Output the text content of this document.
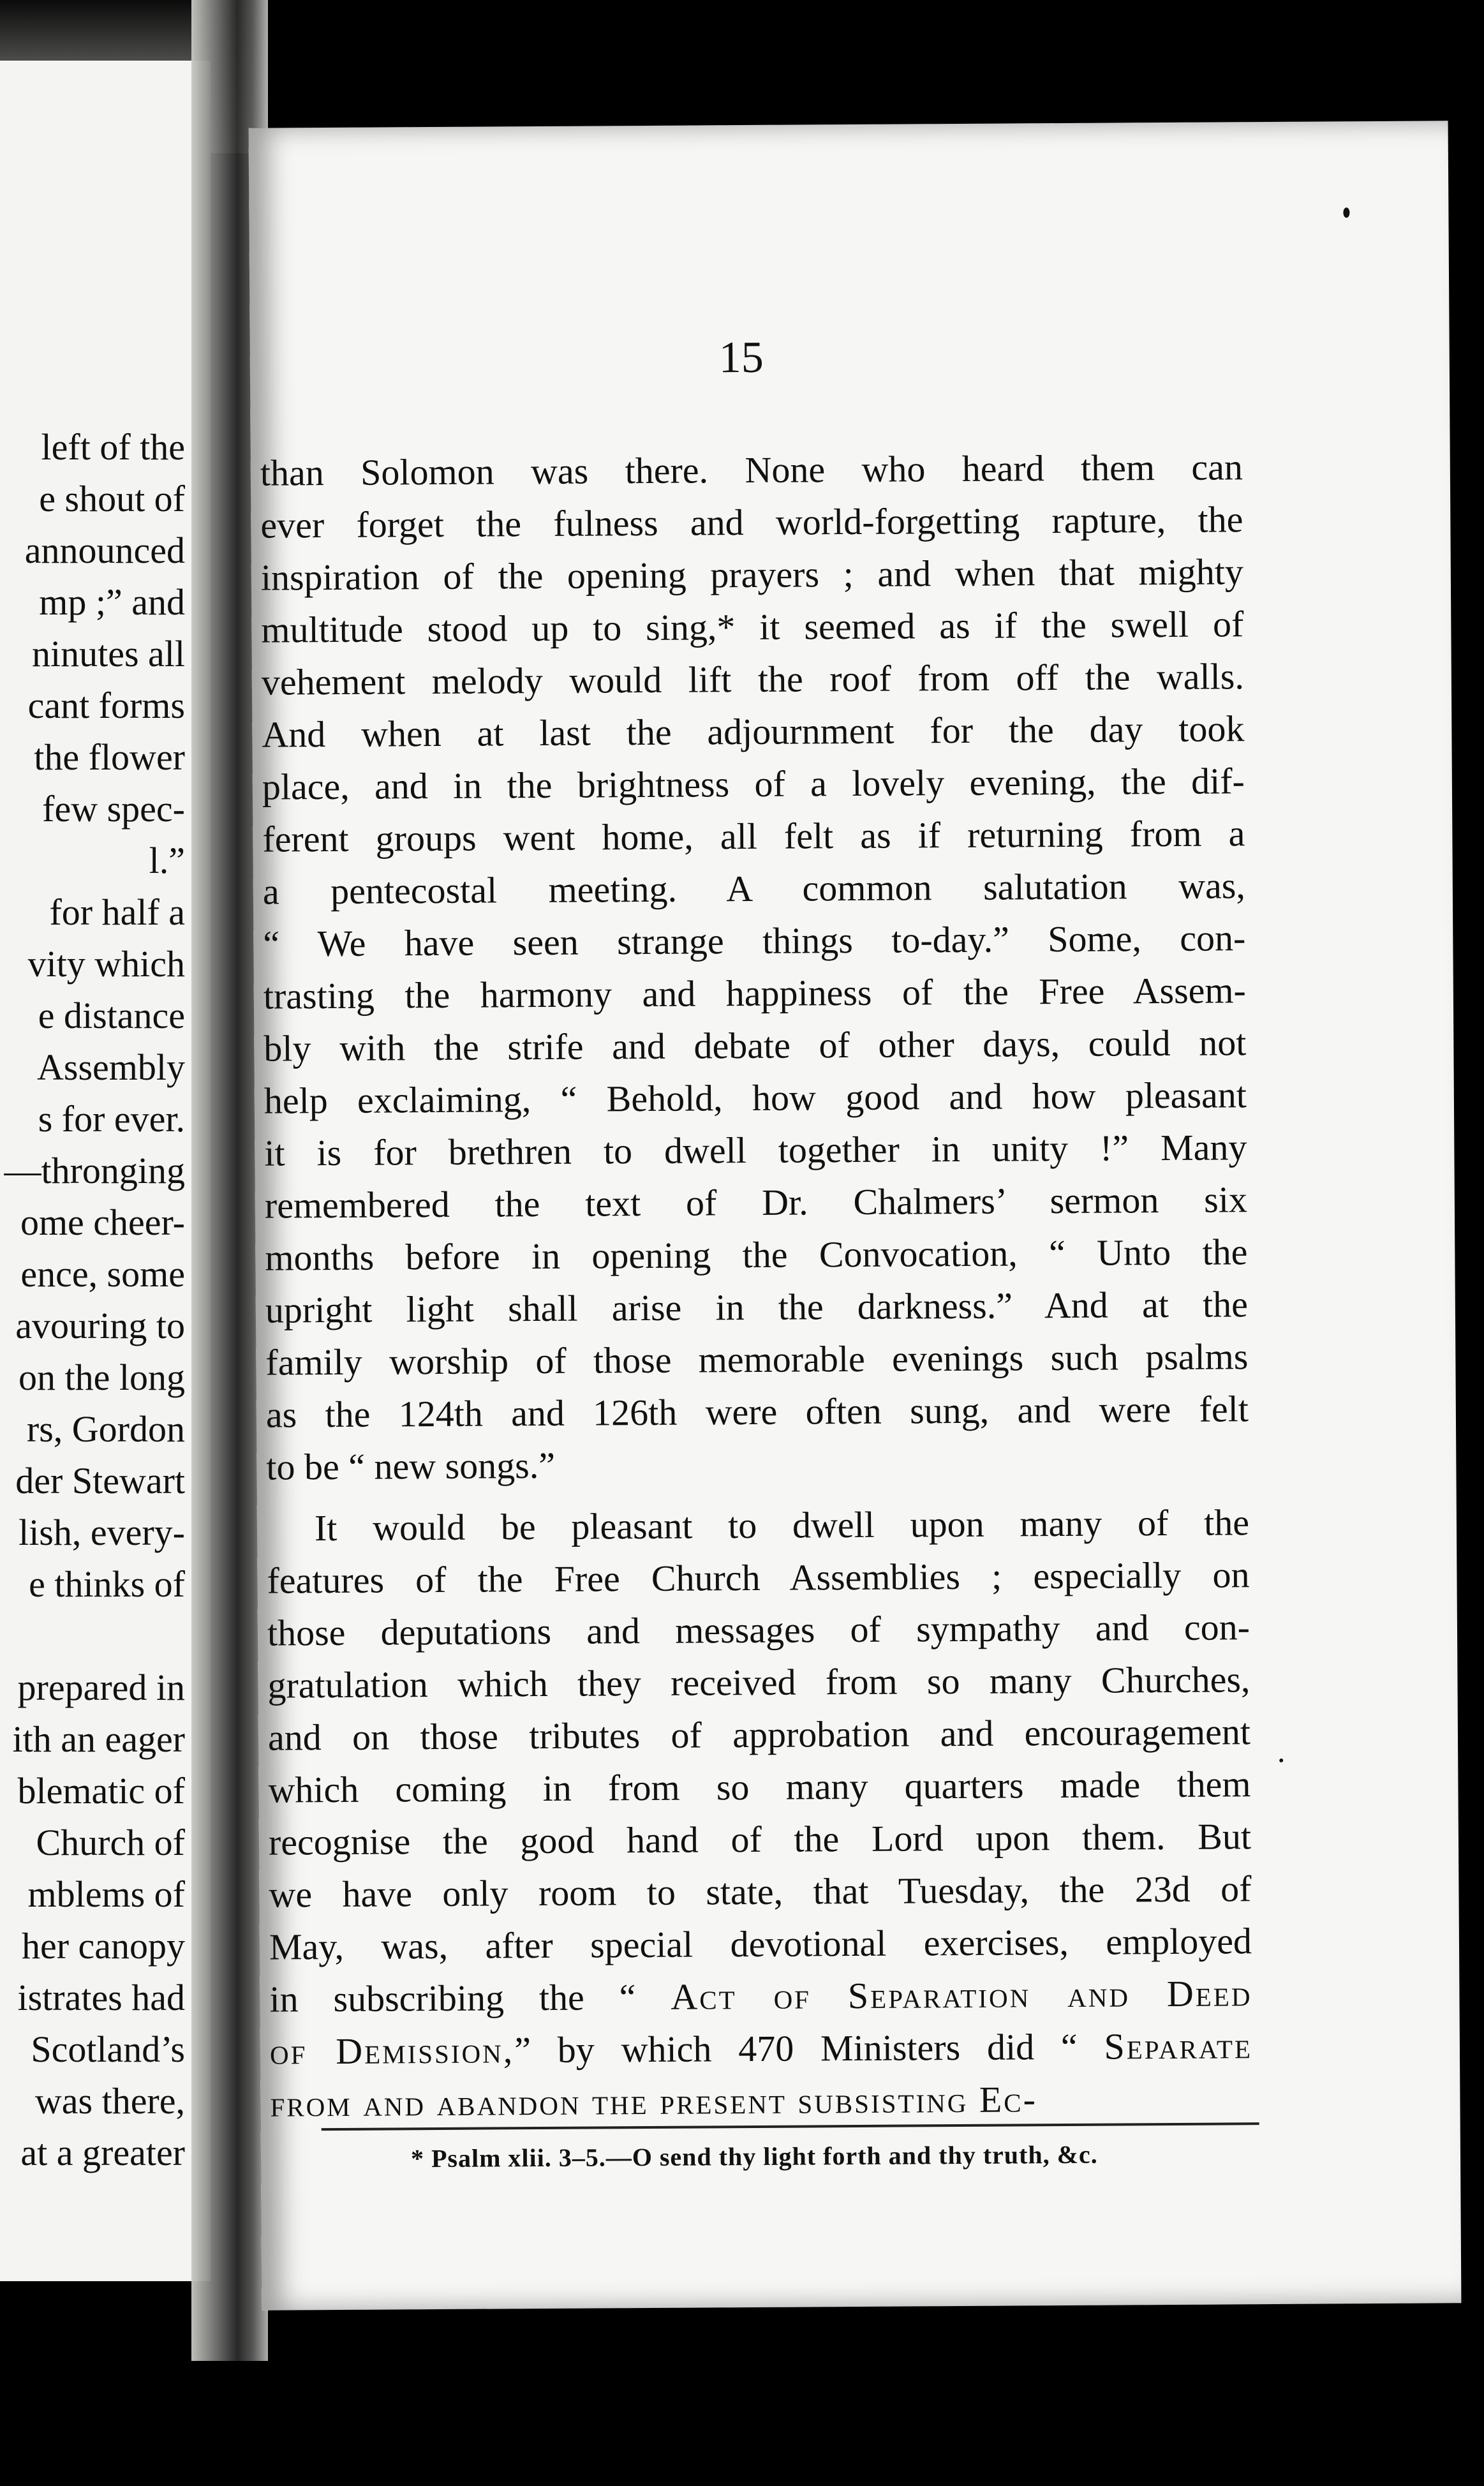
left of the
e shout of
announced
mp ;” and
ninutes all
cant forms
the flower
few spec-
l.”
for half a
vity which
e distance
Assembly
s for ever.
—thronging
ome cheer-
ence, some
avouring to
on the long
rs, Gordon
der Stewart
lish, every-
e thinks of
prepared in
ith an eager
blematic of
Church of
mblems of
her canopy
istrates had
Scotland’s
was there,
at a greater
15
than Solomon was there. None who heard them can
ever forget the fulness and world-forgetting rapture, the
inspiration of the opening prayers ; and when that mighty
multitude stood up to sing,* it seemed as if the swell of
vehement melody would lift the roof from off the walls.
And when at last the adjournment for the day took
place, and in the brightness of a lovely evening, the dif-
ferent groups went home, all felt as if returning from a
a pentecostal meeting. A common salutation was,
“ We have seen strange things to-day.” Some, con-
trasting the harmony and happiness of the Free Assem-
bly with the strife and debate of other days, could not
help exclaiming, “ Behold, how good and how pleasant
it is for brethren to dwell together in unity !” Many
remembered the text of Dr. Chalmers’ sermon six
months before in opening the Convocation, “ Unto the
upright light shall arise in the darkness.” And at the
family worship of those memorable evenings such psalms
as the 124th and 126th were often sung, and were felt
to be “ new songs.”
It would be pleasant to dwell upon many of the
features of the Free Church Assemblies ; especially on
those deputations and messages of sympathy and con-
gratulation which they received from so many Churches,
and on those tributes of approbation and encouragement
which coming in from so many quarters made them
recognise the good hand of the Lord upon them. But
we have only room to state, that Tuesday, the 23d of
May, was, after special devotional exercises, employed
in subscribing the “ Act of Separation and Deed
of Demission,” by which 470 Ministers did “ Separate
from and abandon the present subsisting Ec-
* Psalm xlii. 3–5.—O send thy light forth and thy truth, &c.
